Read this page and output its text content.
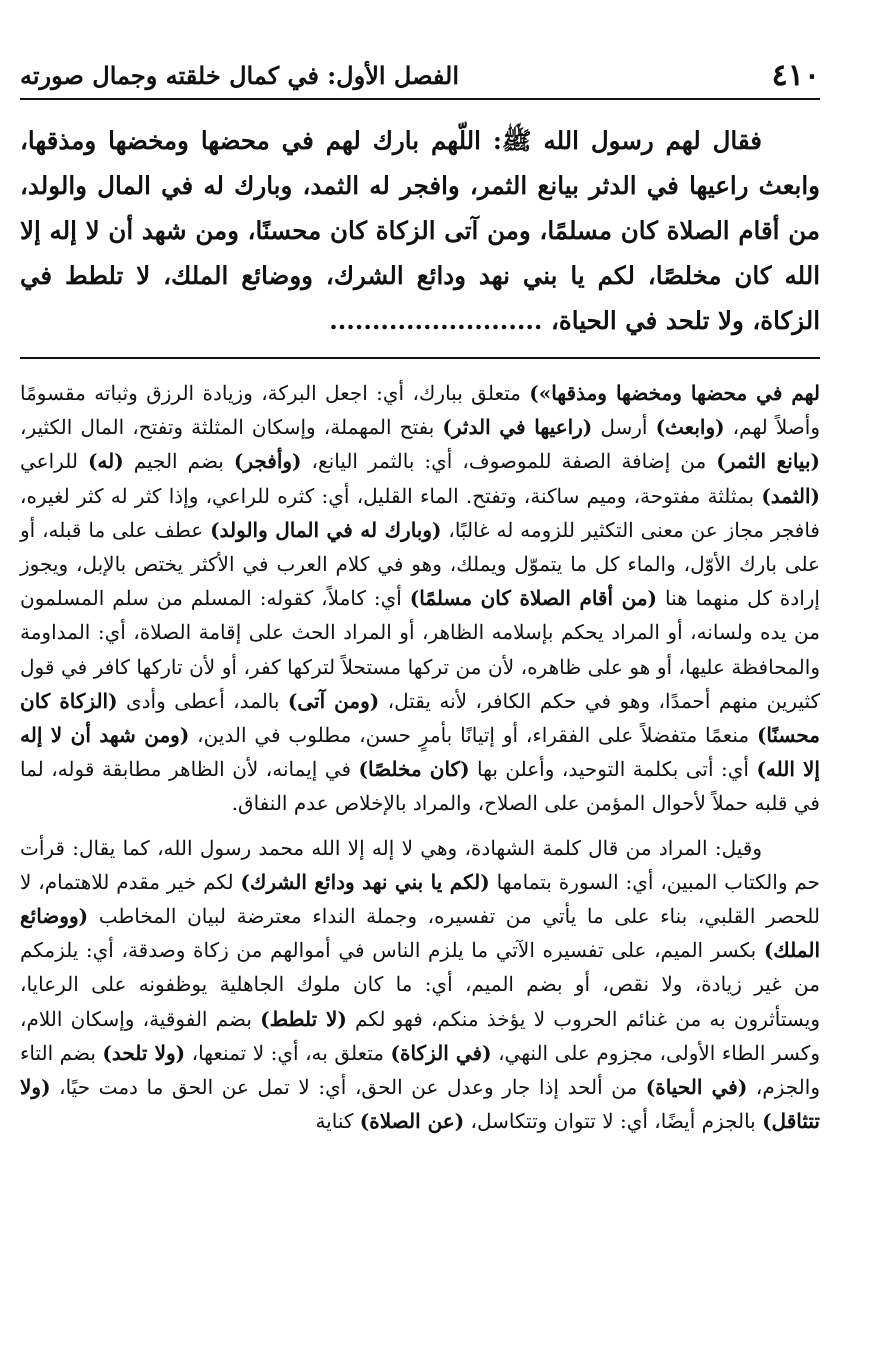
٤١٠
الفصل الأول: في كمال خلقته وجمال صورته

فقال لهم رسول الله ﷺ: اللّهم بارك لهم في محضها ومخضها ومذقها، وابعث راعيها في الدثر بيانع الثمر، وافجر له الثمد، وبارك له في المال والولد، من أقام الصلاة كان مسلمًا، ومن آتى الزكاة كان محسنًا، ومن شهد أن لا إله إلا الله كان مخلصًا، لكم يا بني نهد ودائع الشرك، ووضائع الملك، لا تلطط في الزكاة، ولا تلحد في الحياة، .........................

لهم في محضها ومخضها ومذقها») متعلق ببارك، أي: اجعل البركة، وزيادة الرزق وثباته مقسومًا وأصلاً لهم، (وابعث) أرسل (راعيها في الدثر) بفتح المهملة، وإسكان المثلثة وتفتح، المال الكثير، (بيانع الثمر) من إضافة الصفة للموصوف، أي: بالثمر اليانع، (وأفجر) بضم الجيم (له) للراعي (الثمد) بمثلثة مفتوحة، وميم ساكنة، وتفتح. الماء القليل، أي: كثره للراعي، وإذا كثر له كثر لغيره، فافجر مجاز عن معنى التكثير للزومه له غالبًا، (وبارك له في المال والولد) عطف على ما قبله، أو على بارك الأوّل، والماء كل ما يتموّل ويملك، وهو في كلام العرب في الأكثر يختص بالإبل، ويجوز إرادة كل منهما هنا (من أقام الصلاة كان مسلمًا) أي: كاملاً، كقوله: المسلم من سلم المسلمون من يده ولسانه، أو المراد يحكم بإسلامه الظاهر، أو المراد الحث على إقامة الصلاة، أي: المداومة والمحافظة عليها، أو هو على ظاهره، لأن من تركها مستحلاً لتركها كفر، أو لأن تاركها كافر في قول كثيرين منهم أحمدًا، وهو في حكم الكافر، لأنه يقتل، (ومن آتى) بالمد، أعطى وأدى (الزكاة كان محسنًا) منعمًا متفضلاً على الفقراء، أو إتيانًا بأمرٍ حسن، مطلوب في الدين، (ومن شهد أن لا إله إلا الله) أي: أتى بكلمة التوحيد، وأعلن بها (كان مخلصًا) في إيمانه، لأن الظاهر مطابقة قوله، لما في قلبه حملاً لأحوال المؤمن على الصلاح، والمراد بالإخلاص عدم النفاق.

وقيل: المراد من قال كلمة الشهادة، وهي لا إله إلا الله محمد رسول الله، كما يقال: قرأت حم والكتاب المبين، أي: السورة بتمامها (لكم يا بني نهد ودائع الشرك) لكم خير مقدم للاهتمام، لا للحصر القلبي، بناء على ما يأتي من تفسيره، وجملة النداء معترضة لبيان المخاطب (ووضائع الملك) بكسر الميم، على تفسيره الآتي ما يلزم الناس في أموالهم من زكاة وصدقة، أي: يلزمكم من غير زيادة، ولا نقص، أو بضم الميم، أي: ما كان ملوك الجاهلية يوظفونه على الرعايا، ويستأثرون به من غنائم الحروب لا يؤخذ منكم، فهو لكم (لا تلطط) بضم الفوقية، وإسكان اللام، وكسر الطاء الأولى، مجزوم على النهي، (في الزكاة) متعلق به، أي: لا تمنعها، (ولا تلحد) بضم التاء والجزم، (في الحياة) من ألحد إذا جار وعدل عن الحق، أي: لا تمل عن الحق ما دمت حيًا، (ولا تتثاقل) بالجزم أيضًا، أي: لا تتوان وتتكاسل، (عن الصلاة) كناية
